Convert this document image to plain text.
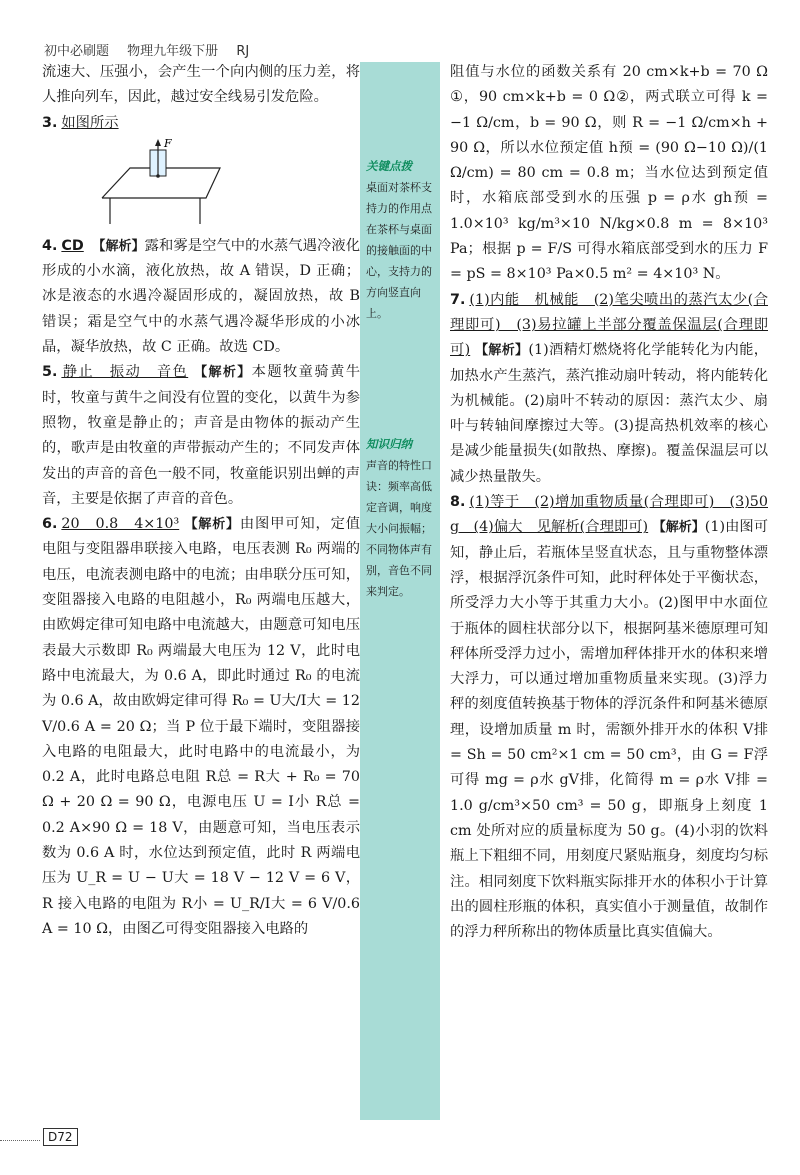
初中必刷题 物理九年级下册 RJ
关键点拨
桌面对茶杯支持力的作用点在茶杯与桌面的接触面的中心，支持力的方向竖直向上。
知识归纳
声音的特性口诀：频率高低定音调，响度大小问振幅；不同物体声有别，音色不同来判定。

流速大、压强小，会产生一个向内侧的压力差，将人推向列车，因此，越过安全线易引发危险。

3. 如图所示

F

4. CD 【解析】露和雾是空气中的水蒸气遇冷液化形成的小水滴，液化放热，故 A 错误，D 正确；冰是液态的水遇冷凝固形成的，凝固放热，故 B 错误；霜是空气中的水蒸气遇冷凝华形成的小冰晶，凝华放热，故 C 正确。故选 CD。

5. 静止　振动　音色 【解析】本题牧童骑黄牛时，牧童与黄牛之间没有位置的变化，以黄牛为参照物，牧童是静止的；声音是由物体的振动产生的，歌声是由牧童的声带振动产生的；不同发声体发出的声音的音色一般不同，牧童能识别出蝉的声音，主要是依据了声音的音色。

6. 20　0.8　4×10³ 【解析】由图甲可知，定值电阻与变阻器串联接入电路，电压表测 R₀ 两端的电压，电流表测电路中的电流；由串联分压可知，变阻器接入电路的电阻越小，R₀ 两端电压越大，由欧姆定律可知电路中电流越大，由题意可知电压表最大示数即 R₀ 两端最大电压为 12 V，此时电路中电流最大，为 0.6 A，即此时通过 R₀ 的电流为 0.6 A，故由欧姆定律可得 R₀ = U大/I大 = 12 V/0.6 A = 20 Ω；当 P 位于最下端时，变阻器接入电路的电阻最大，此时电路中的电流最小，为 0.2 A，此时电路总电阻 R总 = R大 + R₀ = 70 Ω + 20 Ω = 90 Ω，电源电压 U = I小 R总 = 0.2 A×90 Ω = 18 V，由题意可知，当电压表示数为 0.6 A 时，水位达到预定值，此时 R 两端电压为 U_R = U − U大 = 18 V − 12 V = 6 V，R 接入电路的电阻为 R小 = U_R/I大 = 6 V/0.6 A = 10 Ω，由图乙可得变阻器接入电路的

阻值与水位的函数关系有 20 cm×k+b = 70 Ω ①，90 cm×k+b = 0 Ω②，两式联立可得 k = −1 Ω/cm，b = 90 Ω，则 R = −1 Ω/cm×h + 90 Ω，所以水位预定值 h预 = (90 Ω−10 Ω)/(1 Ω/cm) = 80 cm = 0.8 m；当水位达到预定值时，水箱底部受到水的压强 p = ρ水 gh预 = 1.0×10³ kg/m³×10 N/kg×0.8 m = 8×10³ Pa；根据 p = F/S 可得水箱底部受到水的压力 F = pS = 8×10³ Pa×0.5 m² = 4×10³ N。

7. (1)内能　机械能　(2)笔尖喷出的蒸汽太少(合理即可)　(3)易拉罐上半部分覆盖保温层(合理即可) 【解析】(1)酒精灯燃烧将化学能转化为内能，加热水产生蒸汽，蒸汽推动扇叶转动，将内能转化为机械能。(2)扇叶不转动的原因：蒸汽太少、扇叶与转轴间摩擦过大等。(3)提高热机效率的核心是减少能量损失(如散热、摩擦)。覆盖保温层可以减少热量散失。

8. (1)等于　(2)增加重物质量(合理即可)　(3)50 g　(4)偏大　见解析(合理即可) 【解析】(1)由图可知，静止后，若瓶体呈竖直状态，且与重物整体漂浮，根据浮沉条件可知，此时秤体处于平衡状态，所受浮力大小等于其重力大小。(2)图甲中水面位于瓶体的圆柱状部分以下，根据阿基米德原理可知秤体所受浮力过小，需增加秤体排开水的体积来增大浮力，可以通过增加重物质量来实现。(3)浮力秤的刻度值转换基于物体的浮沉条件和阿基米德原理，设增加质量 m 时，需额外排开水的体积 V排 = Sh = 50 cm²×1 cm = 50 cm³，由 G = F浮 可得 mg = ρ水 gV排，化简得 m = ρ水 V排 = 1.0 g/cm³×50 cm³ = 50 g，即瓶身上刻度 1 cm 处所对应的质量标度为 50 g。(4)小羽的饮料瓶上下粗细不同，用刻度尺紧贴瓶身，刻度均匀标注。相同刻度下饮料瓶实际排开水的体积小于计算出的圆柱形瓶的体积，真实值小于测量值，故制作的浮力秤所称出的物体质量比真实值偏大。

D72
